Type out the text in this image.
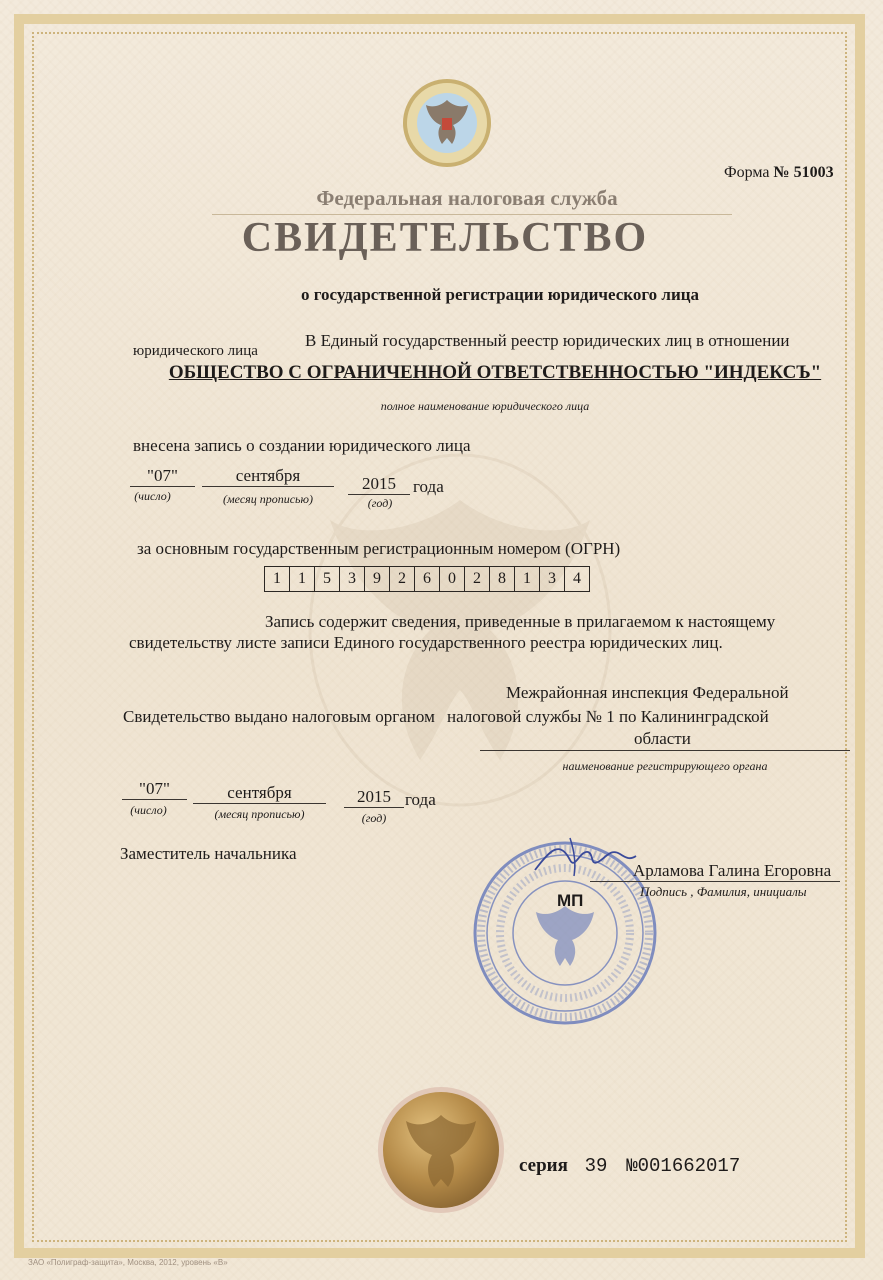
Форма № 51003
Федеральная налоговая служба
СВИДЕТЕЛЬСТВО
о государственной регистрации юридического лица
В Единый государственный реестр юридических лиц в отношении
юридического лица
ОБЩЕСТВО С ОГРАНИЧЕННОЙ ОТВЕТСТВЕННОСТЬЮ "ИНДЕКСЪ"
полное наименование юридического лица
внесена запись о создании юридического лица
"07"	сентября	2015	года
(число)	(месяц прописью)	(год)
за основным государственным регистрационным номером (ОГРН)
1	1	5	3	9	2	6	0	2	8	1	3	4
Запись содержит сведения, приведенные в прилагаемом к настоящему
свидетельству листе записи Единого государственного реестра юридических лиц.
Межрайонная инспекция Федеральной
Свидетельство выдано налоговым органом налоговой службы № 1 по Калининградской
области
наименование регистрирующего органа
"07"	сентября	2015 года
(число)	(месяц прописью)	(год)
Заместитель начальника
МП
Арламова Галина Егоровна
Подпись , Фамилия, инициалы
серия 39 №001662017
ЗАО «Полиграф-защита», Москва, 2012, уровень «В»
